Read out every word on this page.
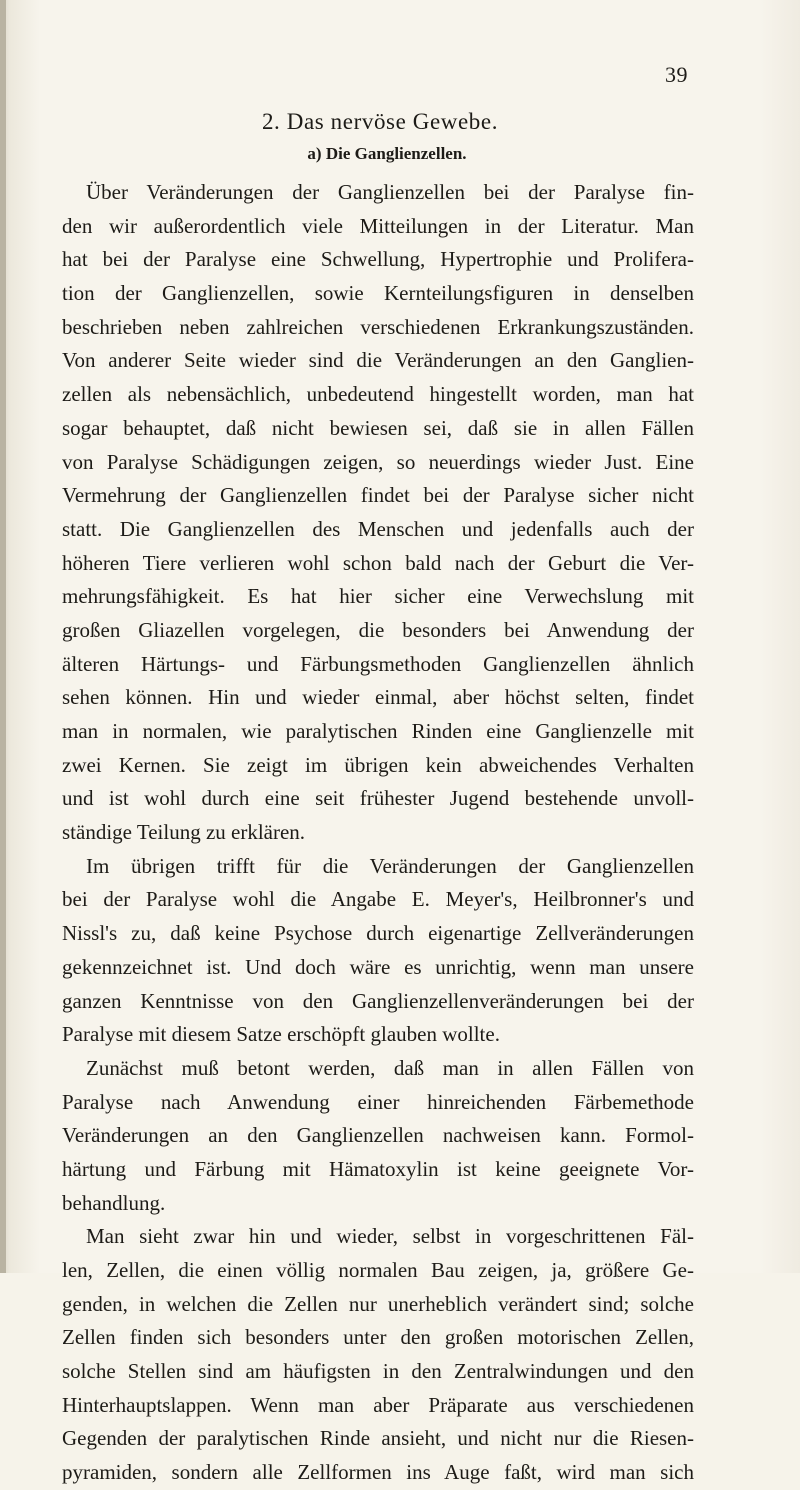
39
2. Das nervöse Gewebe.
a) Die Ganglienzellen.
Über Veränderungen der Ganglienzellen bei der Paralyse fin-
den wir außerordentlich viele Mitteilungen in der Literatur. Man
hat bei der Paralyse eine Schwellung, Hypertrophie und Prolifera-
tion der Ganglienzellen, sowie Kernteilungsfiguren in denselben
beschrieben neben zahlreichen verschiedenen Erkrankungszuständen.
Von anderer Seite wieder sind die Veränderungen an den Ganglien-
zellen als nebensächlich, unbedeutend hingestellt worden, man hat
sogar behauptet, daß nicht bewiesen sei, daß sie in allen Fällen
von Paralyse Schädigungen zeigen, so neuerdings wieder Just. Eine
Vermehrung der Ganglienzellen findet bei der Paralyse sicher nicht
statt. Die Ganglienzellen des Menschen und jedenfalls auch der
höheren Tiere verlieren wohl schon bald nach der Geburt die Ver-
mehrungsfähigkeit. Es hat hier sicher eine Verwechslung mit
großen Gliazellen vorgelegen, die besonders bei Anwendung der
älteren Härtungs- und Färbungsmethoden Ganglienzellen ähnlich
sehen können. Hin und wieder einmal, aber höchst selten, findet
man in normalen, wie paralytischen Rinden eine Ganglienzelle mit
zwei Kernen. Sie zeigt im übrigen kein abweichendes Verhalten
und ist wohl durch eine seit frühester Jugend bestehende unvoll-
ständige Teilung zu erklären.
Im übrigen trifft für die Veränderungen der Ganglienzellen
bei der Paralyse wohl die Angabe E. Meyer's, Heilbronner's und
Nissl's zu, daß keine Psychose durch eigenartige Zellveränderungen
gekennzeichnet ist. Und doch wäre es unrichtig, wenn man unsere
ganzen Kenntnisse von den Ganglienzellenveränderungen bei der
Paralyse mit diesem Satze erschöpft glauben wollte.
Zunächst muß betont werden, daß man in allen Fällen von
Paralyse nach Anwendung einer hinreichenden Färbemethode
Veränderungen an den Ganglienzellen nachweisen kann. Formol-
härtung und Färbung mit Hämatoxylin ist keine geeignete Vor-
behandlung.
Man sieht zwar hin und wieder, selbst in vorgeschrittenen Fäl-
len, Zellen, die einen völlig normalen Bau zeigen, ja, größere Ge-
genden, in welchen die Zellen nur unerheblich verändert sind; solche
Zellen finden sich besonders unter den großen motorischen Zellen,
solche Stellen sind am häufigsten in den Zentralwindungen und den
Hinterhauptslappen. Wenn man aber Präparate aus verschiedenen
Gegenden der paralytischen Rinde ansieht, und nicht nur die Riesen-
pyramiden, sondern alle Zellformen ins Auge faßt, wird man sich
